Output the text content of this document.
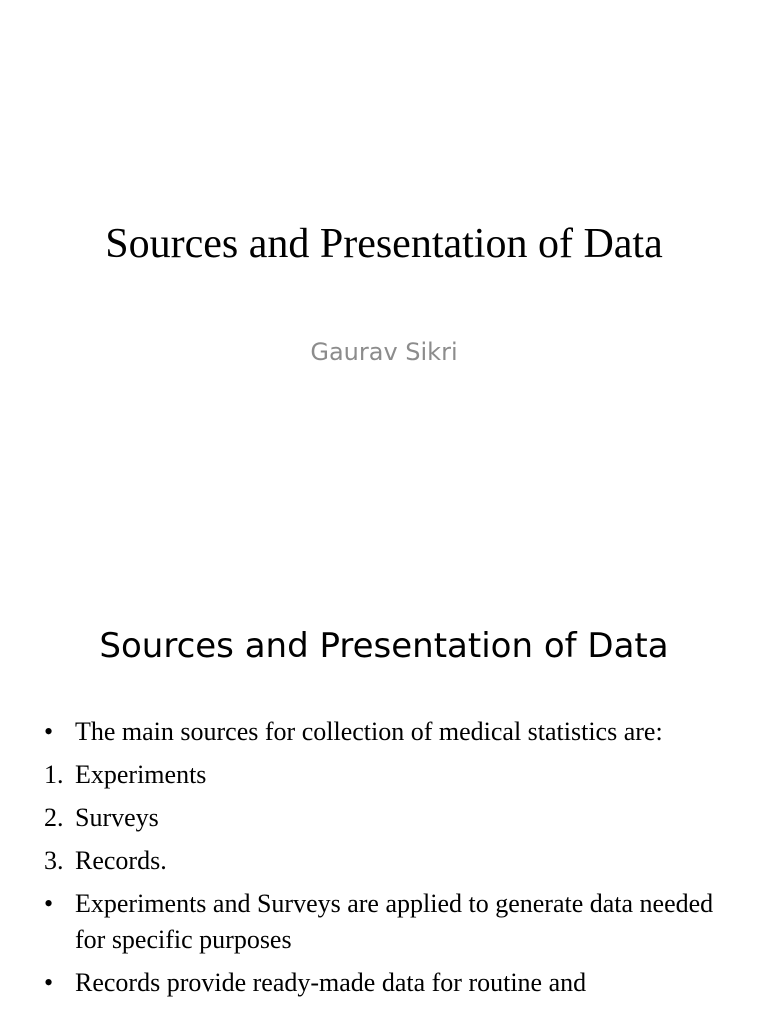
Sources and Presentation of Data
Gaurav Sikri
Sources and Presentation of Data
• The main sources for collection of medical statistics are:
1. Experiments
2. Surveys
3. Records.
• Experiments and Surveys are applied to generate data needed for specific purposes
• Records provide ready-made data for routine and
